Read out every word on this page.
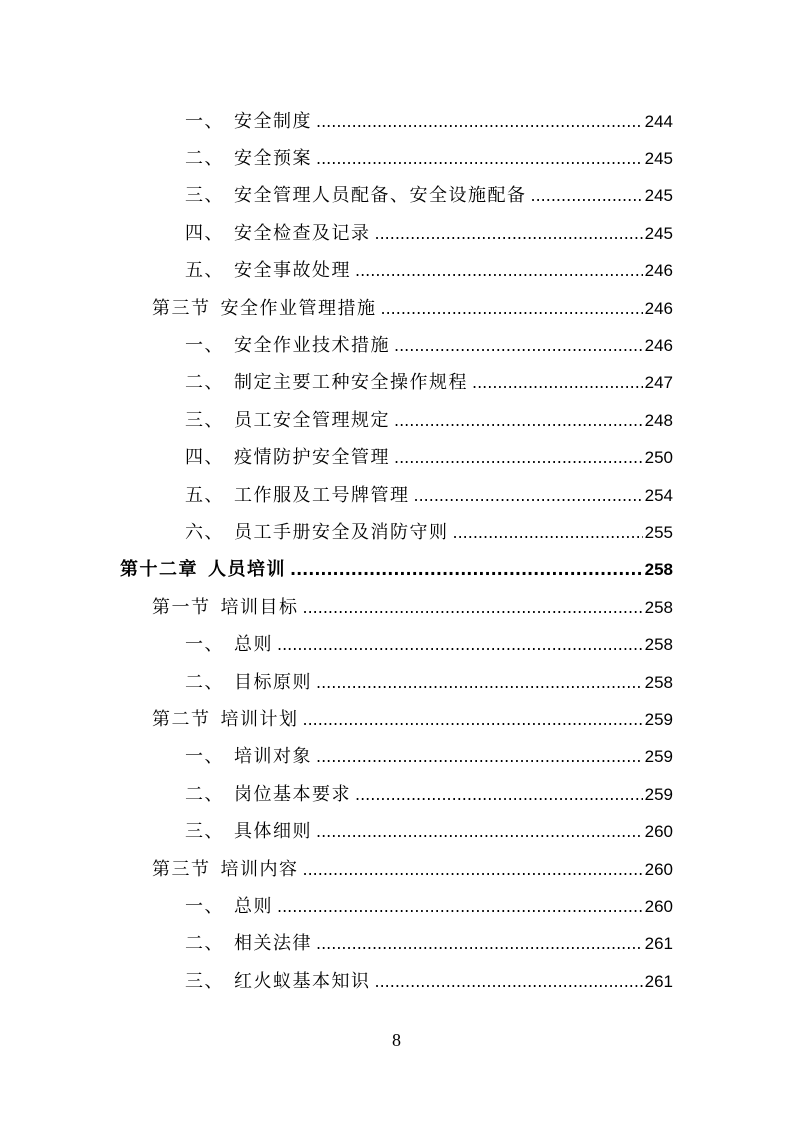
一、 安全制度 .....	244
二、 安全预案 .....	245
三、 安全管理人员配备、安全设施配备 .....	245
四、 安全检查及记录 .....	245
五、 安全事故处理 .....	246
第三节 安全作业管理措施 .....	246
一、 安全作业技术措施 .....	246
二、 制定主要工种安全操作规程 .....	247
三、 员工安全管理规定 .....	248
四、 疫情防护安全管理 .....	250
五、 工作服及工号牌管理 .....	254
六、 员工手册安全及消防守则 .....	255
第十二章 人员培训 .....	258
第一节 培训目标 .....	258
一、 总则 .....	258
二、 目标原则 .....	258
第二节 培训计划 .....	259
一、 培训对象 .....	259
二、 岗位基本要求 .....	259
三、 具体细则 .....	260
第三节 培训内容 .....	260
一、 总则 .....	260
二、 相关法律 .....	261
三、 红火蚁基本知识 .....	261
8
